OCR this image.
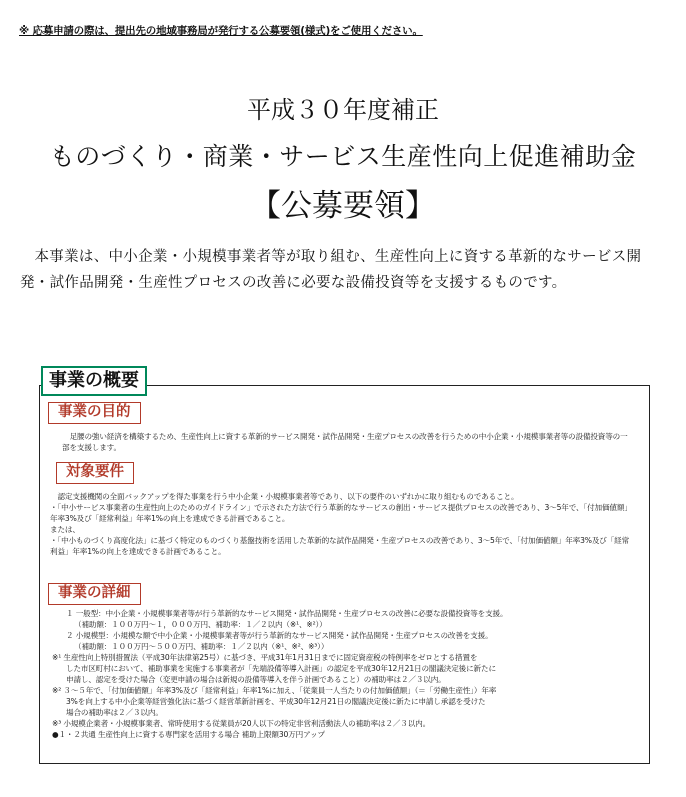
※ 応募申請の際は、提出先の地域事務局が発行する公募要領(様式)をご使用ください。
平成３０年度補正
ものづくり・商業・サービス生産性向上促進補助金
【公募要領】
本事業は、中小企業・小規模事業者等が取り組む、生産性向上に資する革新的なサービス開発・試作品開発・生産性プロセスの改善に必要な設備投資等を支援するものです。
事業の概要
事業の目的
足腰の強い経済を構築するため、生産性向上に資する革新的サービス開発・試作品開発・生産プロセスの改善を行うための中小企業・小規模事業者等の設備投資等の一部を支援します。
対象要件
　認定支援機関の全面バックアップを得た事業を行う中小企業・小規模事業者等であり、以下の要件のいずれかに取り組むものであること。
・「中小サービス事業者の生産性向上のためのガイドライン」で示された方法で行う革新的なサービスの創出・サービス提供プロセスの改善であり、3〜5年で、「付加価値額」年率3%及び「経常利益」年率1%の向上を達成できる計画であること。
または、
・「中小ものづくり高度化法」に基づく特定のものづくり基盤技術を活用した革新的な試作品開発・生産プロセスの改善であり、3〜5年で、「付加価値額」年率3%及び「経常利益」年率1%の向上を達成できる計画であること。
事業の詳細
１ 一般型：中小企業・小規模事業者等が行う革新的なサービス開発・試作品開発・生産プロセスの改善に必要な設備投資等を支援。
（補助額：１００万円〜１，０００万円、補助率：１／２以内（※¹、※²））
２ 小規模型：小規模な額で中小企業・小規模事業者等が行う革新的なサービス開発・試作品開発・生産プロセスの改善を支援。
（補助額：１００万円〜５００万円、補助率：１／２以内（※¹、※²、※³））
※¹ 生産性向上特別措置法（平成30年法律第25号）に基づき、平成31年1月31日までに固定資産税の特例率をゼロとする措置を
した市区町村において、補助事業を実施する事業者が「先端設備等導入計画」の認定を平成30年12月21日の閣議決定後に新たに
申請し、認定を受けた場合（変更申請の場合は新規の設備等導入を伴う計画であること）の補助率は２／３以内。
※² ３〜５年で、「付加価値額」年率3%及び「経常利益」年率1%に加え、「従業員一人当たりの付加価値額」（＝「労働生産性」）年率
3%を向上する中小企業等経営強化法に基づく経営革新計画を、平成30年12月21日の閣議決定後に新たに申請し承認を受けた
場合の補助率は２／３以内。
※³ 小規模企業者・小規模事業者、常時使用する従業員が20人以下の特定非営利活動法人の補助率は２／３以内。
●１・２共通 生産性向上に資する専門家を活用する場合 補助上限額30万円アップ
